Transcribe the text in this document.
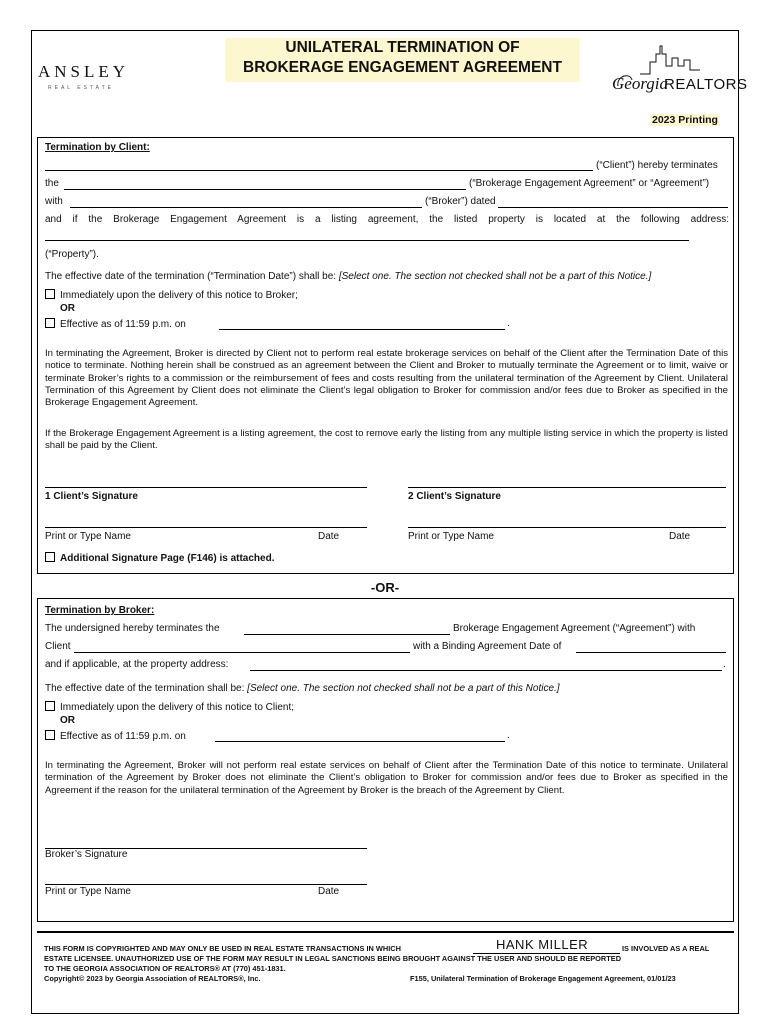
ANSLEY
REAL ESTATE
UNILATERAL TERMINATION OF
BROKERAGE ENGAGEMENT AGREEMENT
Georgia
REALTORS
2023 Printing
Termination by Client:
(“Client”) hereby terminates
the	(“Brokerage Engagement Agreement” or “Agreement”)
with	(“Broker”) dated
and if the Brokerage Engagement Agreement is a listing agreement, the listed property is located at the following address:
(“Property”).
The effective date of the termination (“Termination Date”) shall be: [Select one. The section not checked shall not be a part of this Notice.]
Immediately upon the delivery of this notice to Broker;
OR
Effective as of 11:59 p.m. on	.
In terminating the Agreement, Broker is directed by Client not to perform real estate brokerage services on behalf of the Client after the Termination Date of this notice to terminate. Nothing herein shall be construed as an agreement between the Client and Broker to mutually terminate the Agreement or to limit, waive or terminate Broker’s rights to a commission or the reimbursement of fees and costs resulting from the unilateral termination of the Agreement by Client. Unilateral Termination of this Agreement by Client does not eliminate the Client’s legal obligation to Broker for commission and/or fees due to Broker as specified in the Brokerage Engagement Agreement.
If the Brokerage Engagement Agreement is a listing agreement, the cost to remove early the listing from any multiple listing service in which the property is listed shall be paid by the Client.
1 Client’s Signature	2 Client’s Signature
Print or Type Name	Date	Print or Type Name	Date
Additional Signature Page (F146) is attached.
-OR-
Termination by Broker:
The undersigned hereby terminates the	Brokerage Engagement Agreement (“Agreement”) with
Client	with a Binding Agreement Date of
and if applicable, at the property address:	.
The effective date of the termination shall be: [Select one. The section not checked shall not be a part of this Notice.]
Immediately upon the delivery of this notice to Client;
OR
Effective as of 11:59 p.m. on	.
In terminating the Agreement, Broker will not perform real estate services on behalf of Client after the Termination Date of this notice to terminate. Unilateral termination of the Agreement by Broker does not eliminate the Client’s obligation to Broker for commission and/or fees due to Broker as specified in the Agreement if the reason for the unilateral termination of the Agreement by Broker is the breach of the Agreement by Client.
Broker’s Signature
Print or Type Name	Date
THIS FORM IS COPYRIGHTED AND MAY ONLY BE USED IN REAL ESTATE TRANSACTIONS IN WHICH	HANK MILLER	IS INVOLVED AS A REAL
ESTATE LICENSEE. UNAUTHORIZED USE OF THE FORM MAY RESULT IN LEGAL SANCTIONS BEING BROUGHT AGAINST THE USER AND SHOULD BE REPORTED
TO THE GEORGIA ASSOCIATION OF REALTORS® AT (770) 451-1831.
Copyright© 2023 by Georgia Association of REALTORS®, Inc.	F155, Unilateral Termination of Brokerage Engagement Agreement, 01/01/23
